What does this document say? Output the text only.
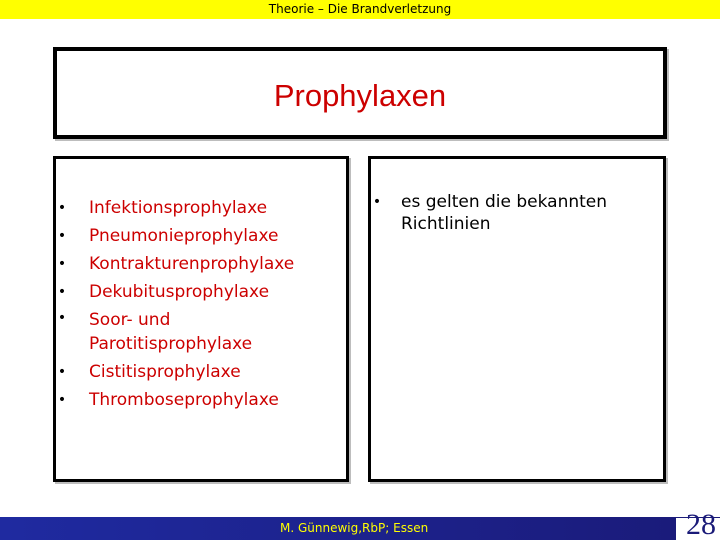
Theorie – Die Brandverletzung
Prophylaxen
• Infektionsprophylaxe
• Pneumonieprophylaxe
• Kontrakturenprophylaxe
• Dekubitusprophylaxe
• Soor- und
Parotitisprophylaxe
• Cistitisprophylaxe
• Thromboseprophylaxe
• es gelten die bekannten
Richtlinien
M. Günnewig,RbP; Essen	28
